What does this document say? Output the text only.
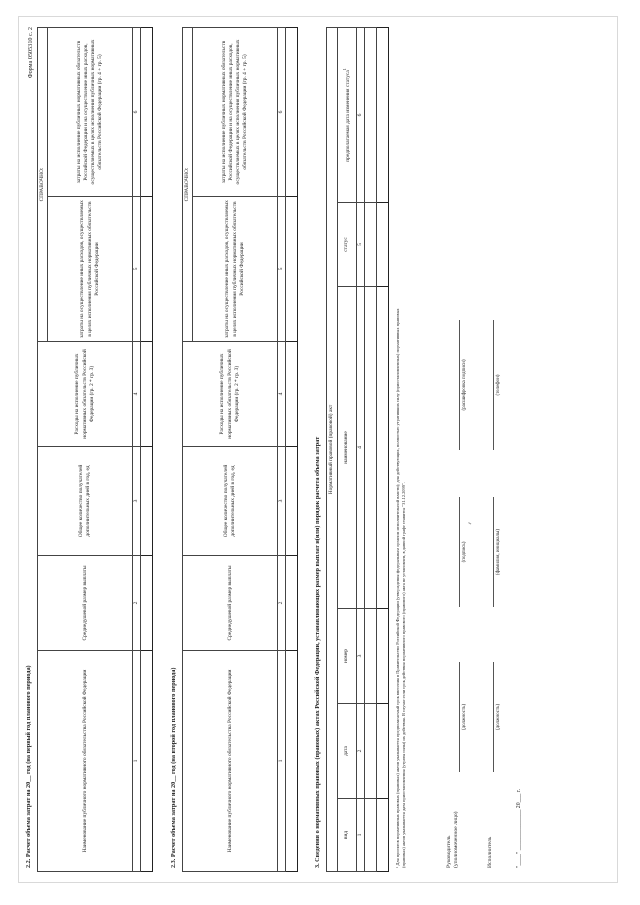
Форма 0505310 с. 2
2.2. Расчет объема затрат на 20__ год (на первый год планового периода)	Наименование публичного нормативного обязательства Российской Федерации	Среднедушевой размер выплаты	Общее количество получателей дополнительных дней в год, ед	Расходы на исполнение публичных нормативных обязательств Российской Федерации (гр. 2 * гр. 3)	СПРАВОЧНО:	
				затраты на осуществление иных расходов, осуществляемых в целях исполнения публичных нормативных обязательств Российской Федерации	затраты на исполнение публичных нормативных обязательств Российской Федерации и на осуществление иных расходов, осуществляемых в целях исполнения публичных нормативных обязательств Российской Федерации (гр. 4 + гр. 5)
1	2	3	4	5	6

2.3. Расчет объема затрат на 20__ год (на второй год планового периода)	Наименование публичного нормативного обязательства Российской Федерации	Среднедушевой размер выплаты	Общее количество получателей дополнительных дней в год, ед	Расходы на исполнение публичных нормативных обязательств Российской Федерации (гр. 2 * гр. 3)	СПРАВОЧНО:	
				затраты на осуществление иных расходов, осуществляемых в целях исполнения публичных нормативных обязательств Российской Федерации	затраты на исполнение публичных нормативных обязательств Российской Федерации и на осуществление иных расходов, осуществляемых в целях исполнения публичных нормативных обязательств Российской Федерации (гр. 4 + гр. 5)
1	2	3	4	5	6

3. Сведения о нормативных правовых (правовых) актах Российской Федерации, устанавливающих размер выплат и(или) порядок расчета объема затрат Нормативный правовой (правовой) акт					
вид	дата	номер	наименование	статус	предполагаемая дата изменения статуса$^1$
1	2	3	4	5	6

¹ Для проектов нормативных правовых (правовых) актов указывается предполагаемый срок внесения в Правительство Российской Федерации (утверждения федеральным органом исполнительной власти); для действующих, полностью утративших силу (приостановленных) нормативных правовых (правовых) актов указывается дата приостановления (утраты силы) их действия. В случае если срок действия нормативного правового (правового) акта не установлен, в данной графе ставится "31.12.2099".	Руководитель
(уполномоченное лицо)
(должность)
(подпись)
(расшифровка подписи)
Исполнитель
(должность)
(фамилия, инициалы)
(телефон)
"____" ______________ 20___ г.
